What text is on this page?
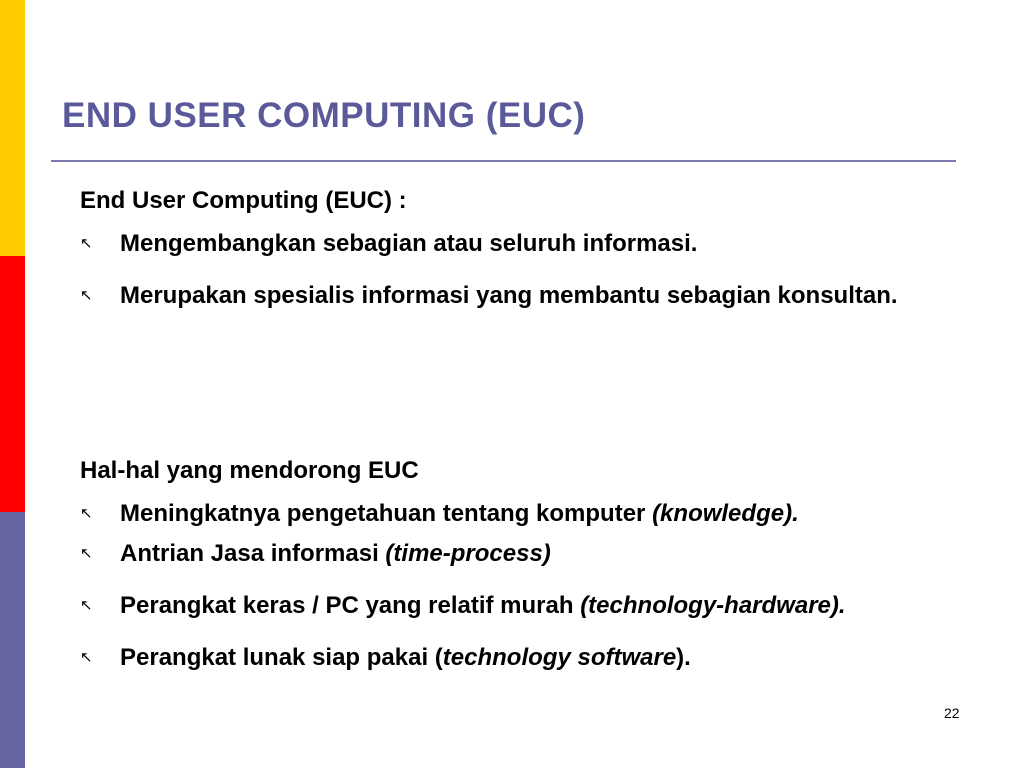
END USER COMPUTING (EUC)
End User Computing (EUC) :
↖ Mengembangkan sebagian atau seluruh informasi.
↖ Merupakan spesialis informasi yang membantu sebagian konsultan.
Hal-hal yang mendorong EUC
↖ Meningkatnya pengetahuan tentang komputer (knowledge).
↖ Antrian Jasa informasi (time-process)
↖ Perangkat keras / PC yang relatif murah (technology-hardware).
↖ Perangkat lunak siap pakai (technology software).
22
